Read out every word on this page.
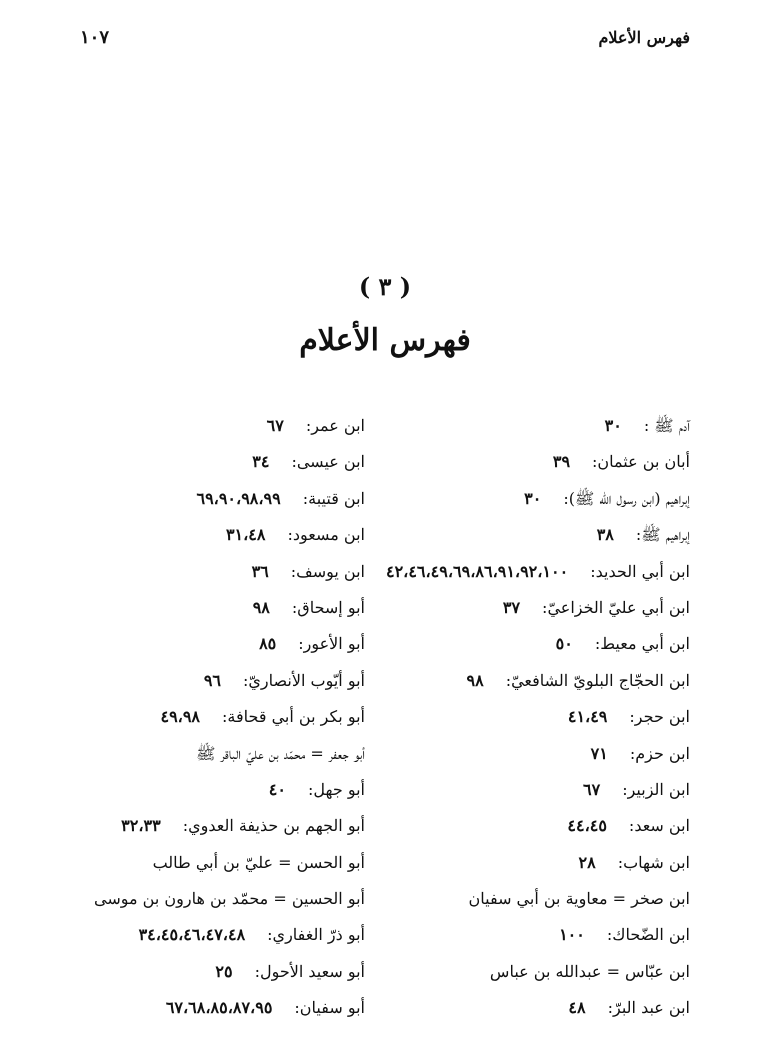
فهرس الأعلام
١٠٧
( ٣ )
فهرس الأعلام
آدم ﷺ :٣٠
أبان بن عثمان:٣٩
إبراهيم (ابن رسول الله ﷺ):٣٠
إبراهيم ﷺ:٣٨
ابن أبي الحديد:٤٢،٤٦،٤٩،٦٩،٨٦،٩١،٩٢،١٠٠
ابن أبي عليّ الخزاعيّ:٣٧
ابن أبي معيط:٥٠
ابن الحجّاج البلويّ الشافعيّ:٩٨
ابن حجر:٤١،٤٩
ابن حزم:٧١
ابن الزبير:٦٧
ابن سعد:٤٤،٤٥
ابن شهاب:٢٨
ابن صخر = معاوية بن أبي سفيان
ابن الضّحاك:١٠٠
ابن عبّاس = عبدالله بن عباس
ابن عبد البرّ:٤٨
ابن عمر:٦٧
ابن عيسى:٣٤
ابن قتيبة:٦٩،٩٠،٩٨،٩٩
ابن مسعود:٣١،٤٨
ابن يوسف:٣٦
أبو إسحاق:٩٨
أبو الأعور:٨٥
أبو أيّوب الأنصاريّ:٩٦
أبو بكر بن أبي قحافة:٤٩،٩٨
أبو جعفر = محمّد بن عليّ الباقر ﷺ
أبو جهل:٤٠
أبو الجهم بن حذيفة العدوي:٣٢،٣٣
أبو الحسن = عليّ بن أبي طالب
أبو الحسين = محمّد بن هارون بن موسى
أبو ذرّ الغفاري:٣٤،٤٥،٤٦،٤٧،٤٨
أبو سعيد الأحول:٢٥
أبو سفيان:٦٧،٦٨،٨٥،٨٧،٩٥
